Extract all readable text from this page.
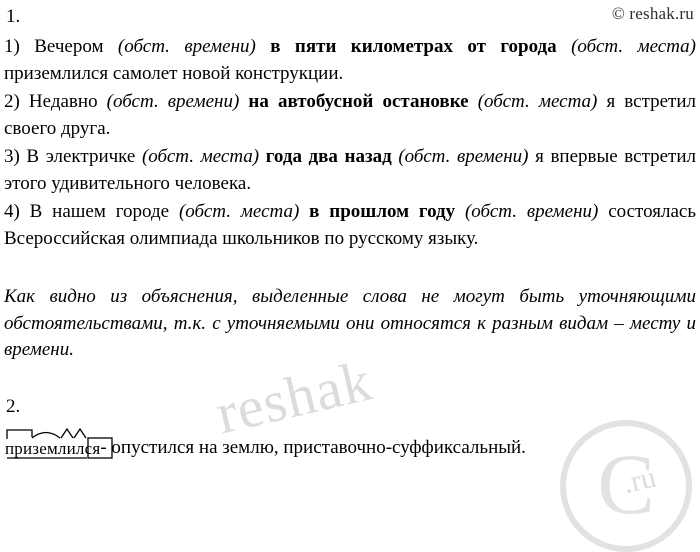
© reshak.ru
1.

1) Вечером (обст. времени) в пяти километрах от города (обст. места) приземлился самолет новой конструкции.

2) Недавно (обст. времени) на автобусной остановке (обст. места) я встретил своего друга.

3) В электричке (обст. места) года два назад (обст. времени) я впервые встретил этого удивительного человека.

4) В нашем городе (обст. места) в прошлом году (обст. времени) состоялась Всероссийская олимпиада школьников по русскому языку.

Как видно из объяснения, выделенные слова не могут быть уточняющими обстоятельствами, т.к. с уточняемыми они относятся к разным видам – месту и времени.

2.
приземлился
- опустился на землю, приставочно-суффиксальный.
reshak
C
.ru
